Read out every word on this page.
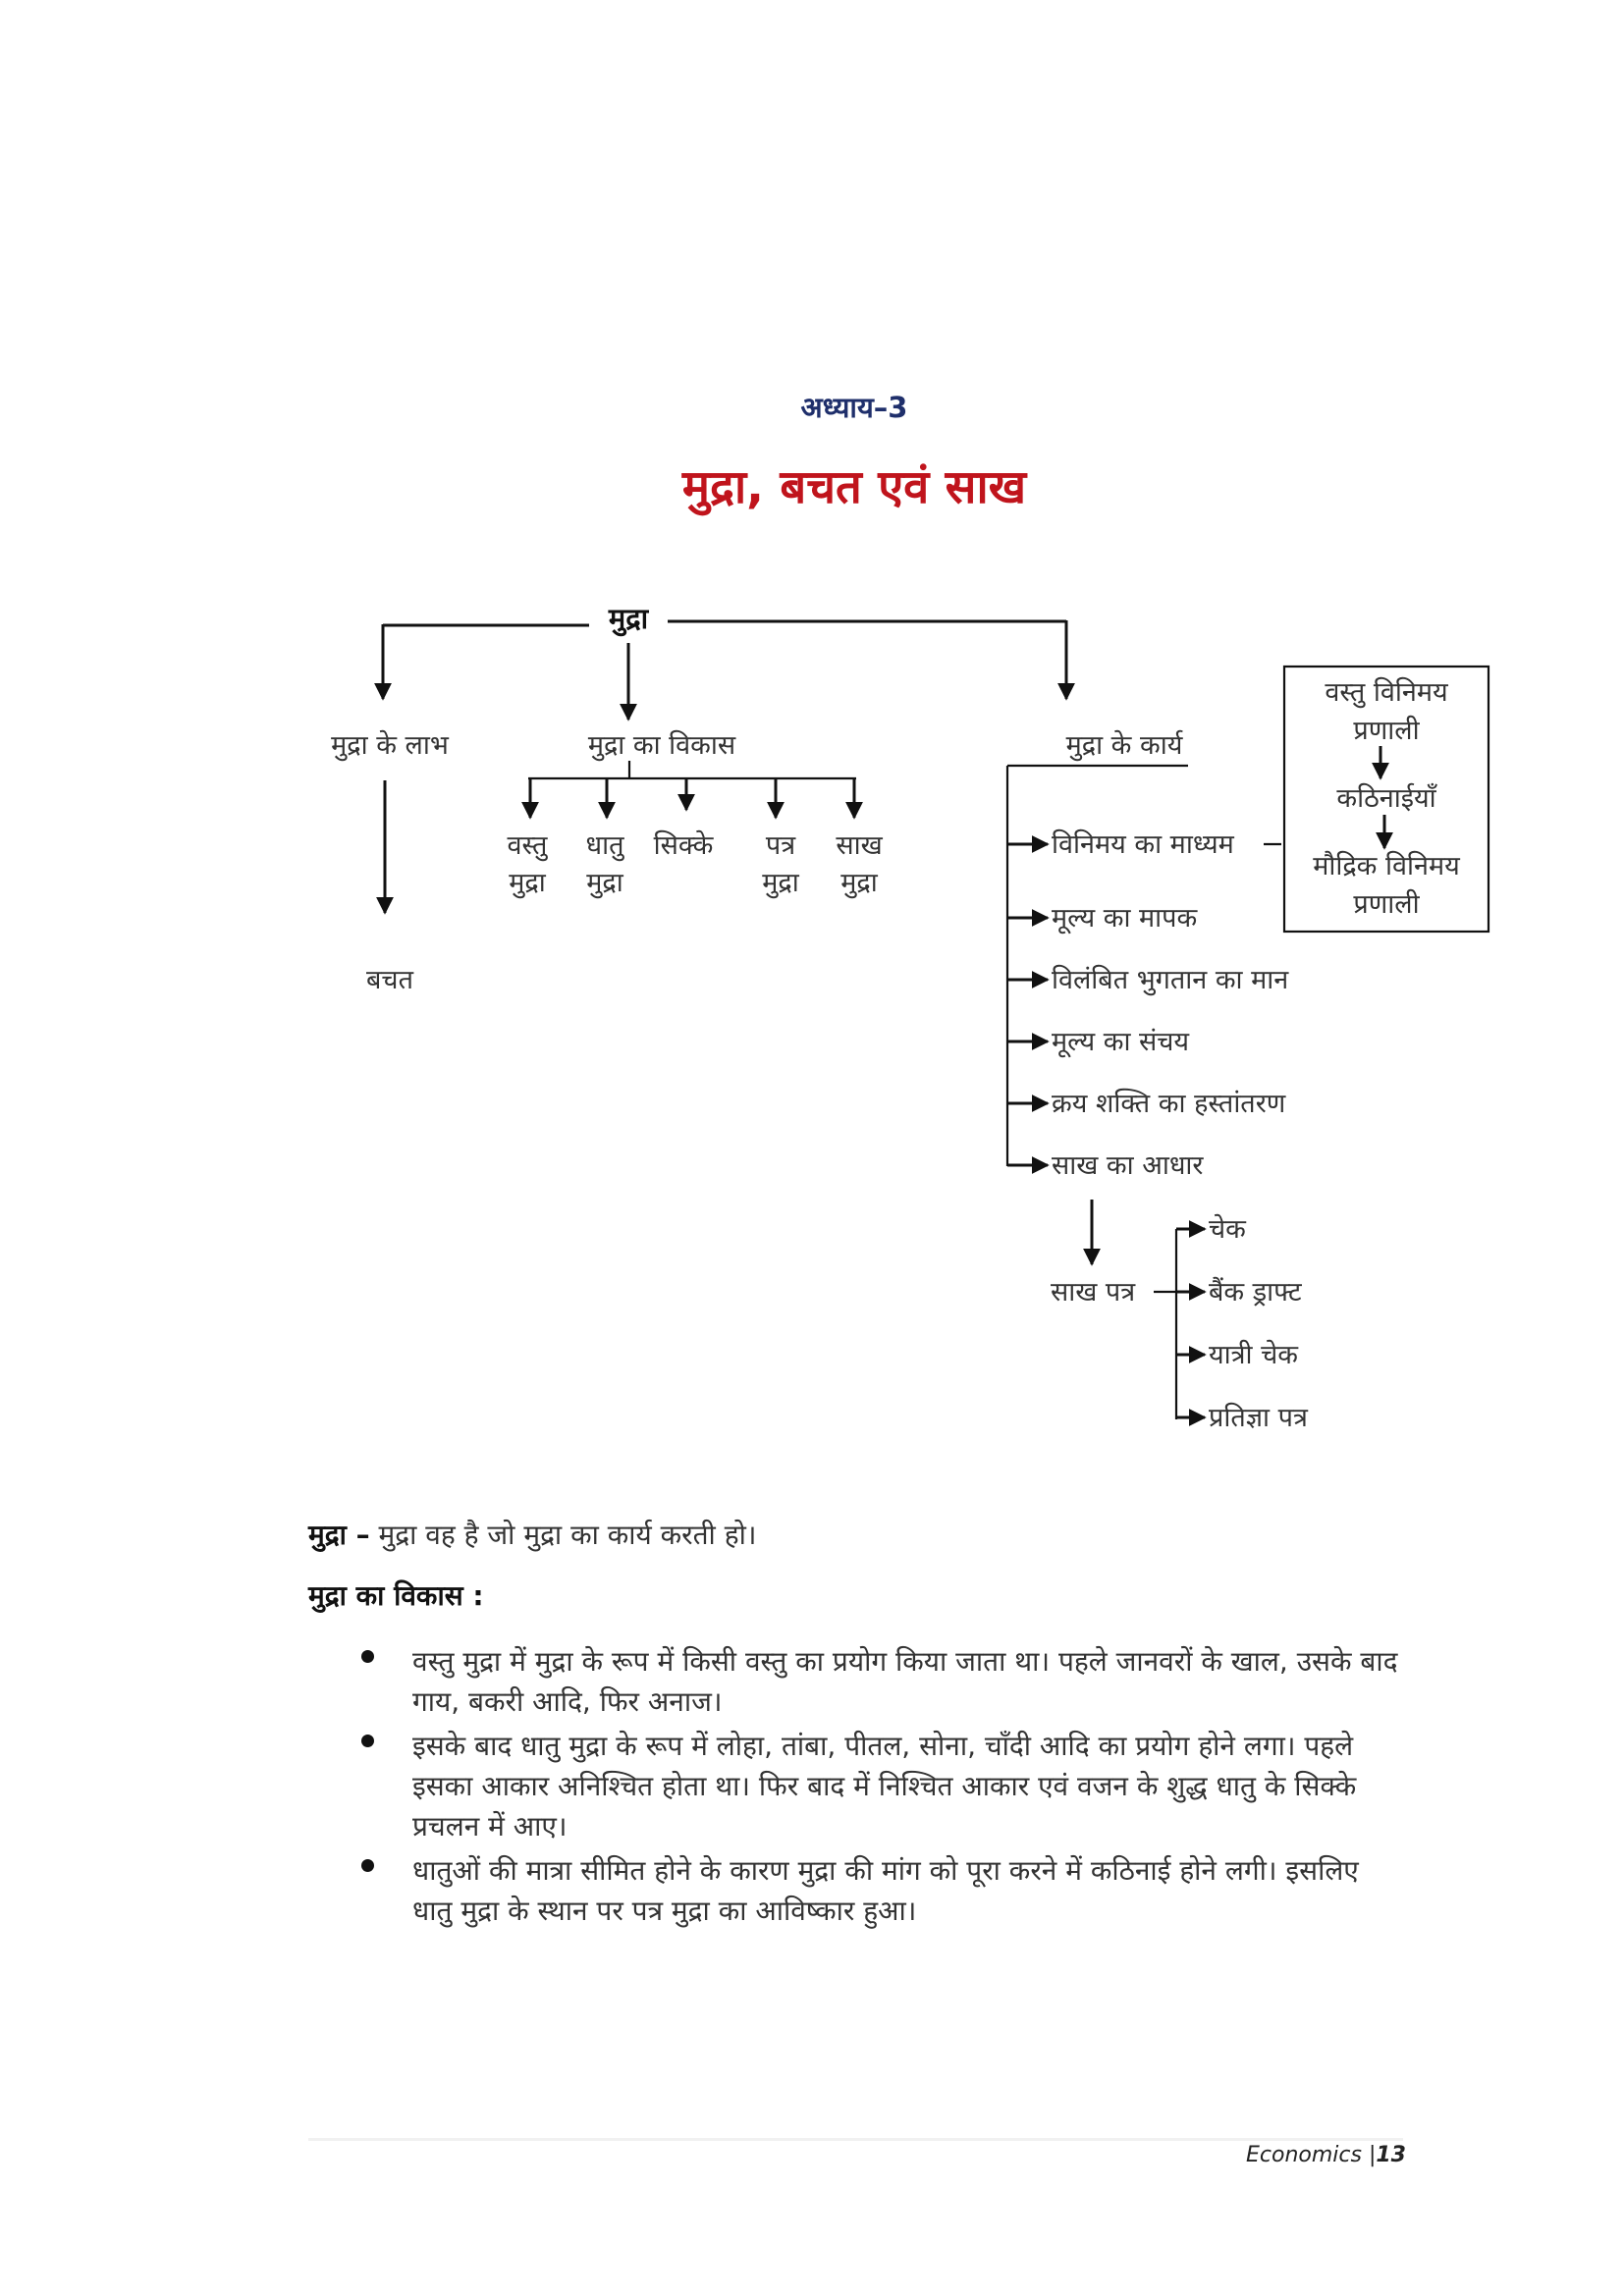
अध्याय–3
मुद्रा, बचत एवं साख
मुद्रा
मुद्रा के लाभ
बचत
मुद्रा का विकास
वस्तु
मुद्रा
धातु
मुद्रा
सिक्के पत्र
मुद्रा
साख
मुद्रा
मुद्रा के कार्य
विनिमय का माध्यम
मूल्य का मापक
विलंबित भुगतान का मान
मूल्य का संचय
क्रय शक्ति का हस्तांतरण
साख का आधार
साख पत्र
चेक
बैंक ड्राफ्ट
यात्री चेक
प्रतिज्ञा पत्र
वस्तु विनिमय
प्रणाली
कठिनाईयाँ
मौद्रिक विनिमय
प्रणाली

मुद्रा – मुद्रा वह है जो मुद्रा का कार्य करती हो।

मुद्रा का विकास :

वस्तु मुद्रा में मुद्रा के रूप में किसी वस्तु का प्रयोग किया जाता था। पहले जानवरों के खाल, उसके बाद गाय, बकरी आदि, फिर अनाज।
इसके बाद धातु मुद्रा के रूप में लोहा, तांबा, पीतल, सोना, चाँदी आदि का प्रयोग होने लगा। पहले इसका आकार अनिश्चित होता था। फिर बाद में निश्चित आकार एवं वजन के शुद्ध धातु के सिक्के प्रचलन में आए।
धातुओं की मात्रा सीमित होने के कारण मुद्रा की मांग को पूरा करने में कठिनाई होने लगी। इसलिए धातु मुद्रा के स्थान पर पत्र मुद्रा का आविष्कार हुआ।
Economics |13
